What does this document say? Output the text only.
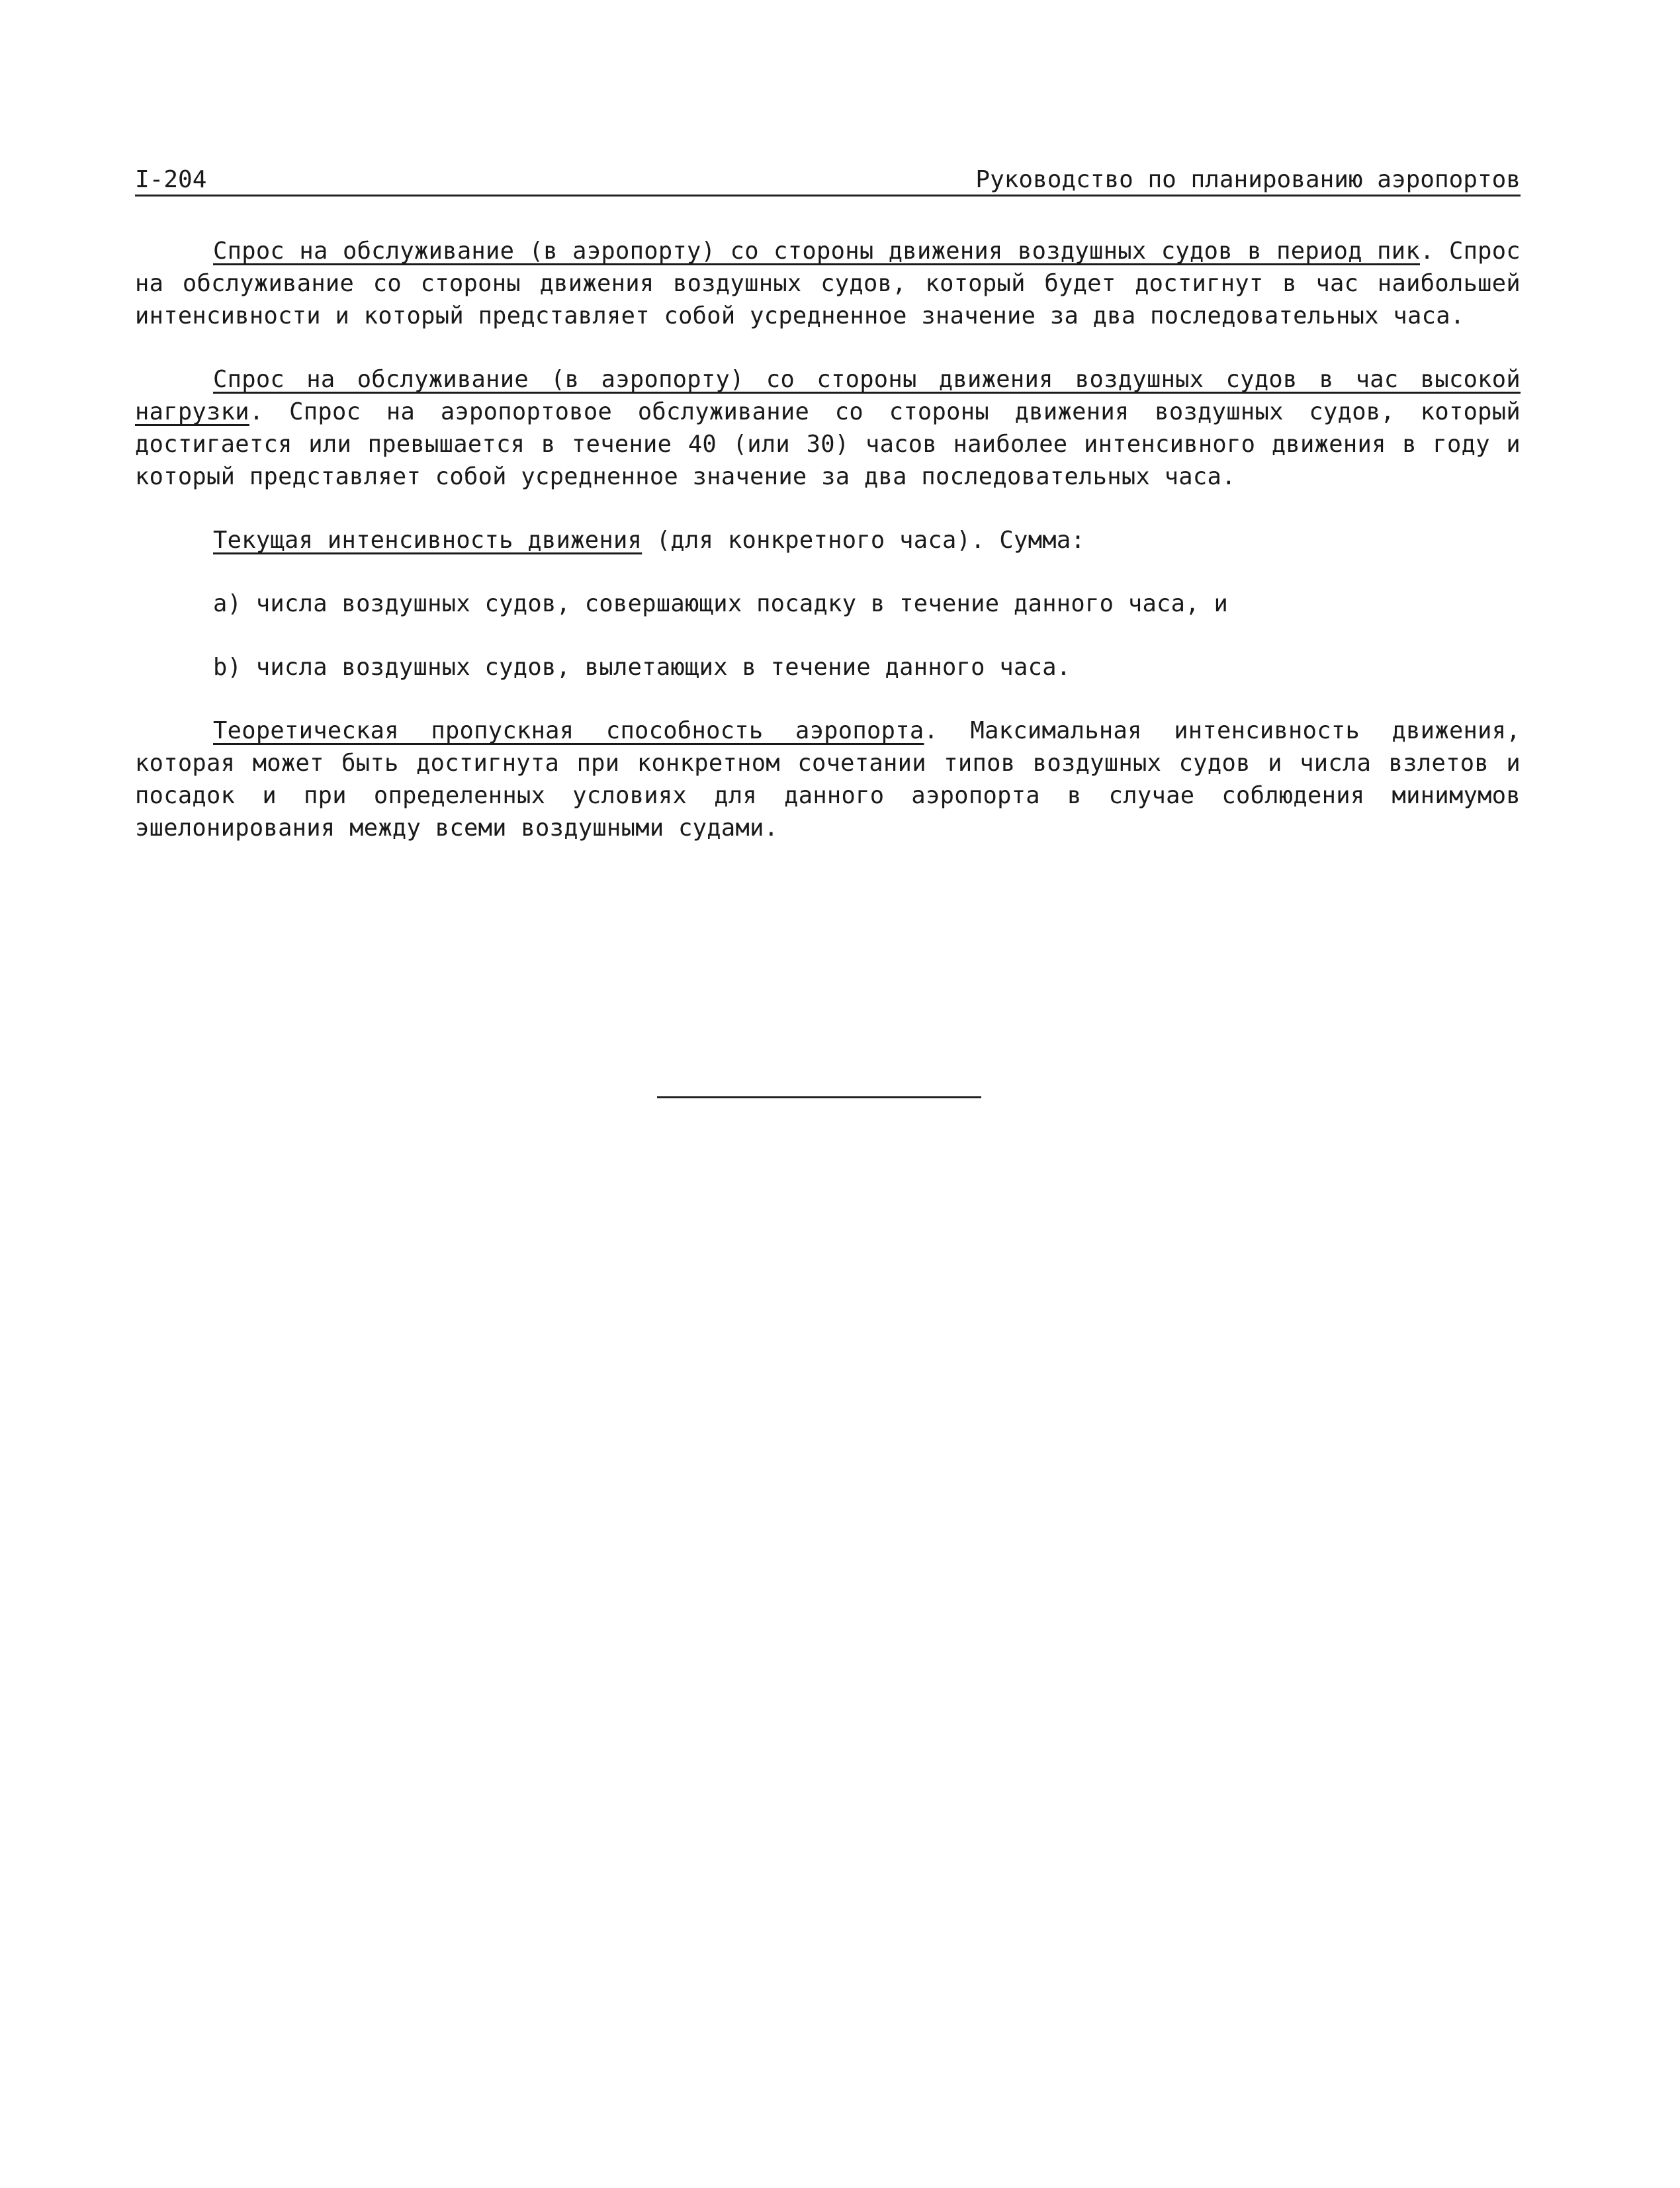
I-204	Руководство по планированию аэропортов

Спрос на обслуживание (в аэропорту) со стороны движения воздушных судов в период пик. Спрос на обслуживание со стороны движения воздушных судов, который будет достигнут в час наибольшей интенсивности и который представляет собой усредненное значение за два последовательных часа.

Спрос на обслуживание (в аэропорту) со стороны движения воздушных судов в час высокой нагрузки. Спрос на аэропортовое обслуживание со стороны движения воздушных судов, который достигается или превышается в течение 40 (или 30) часов наиболее интенсивного движения в году и который представляет собой усредненное значение за два последовательных часа.

Текущая интенсивность движения (для конкретного часа). Сумма:

a) числа воздушных судов, совершающих посадку в течение данного часа, и

b) числа воздушных судов, вылетающих в течение данного часа.

Теоретическая пропускная способность аэропорта. Максимальная интенсивность движения, которая может быть достигнута при конкретном сочетании типов воздушных судов и числа взлетов и посадок и при определенных условиях для данного аэропорта в случае соблюдения минимумов эшелонирования между всеми воздушными судами.
